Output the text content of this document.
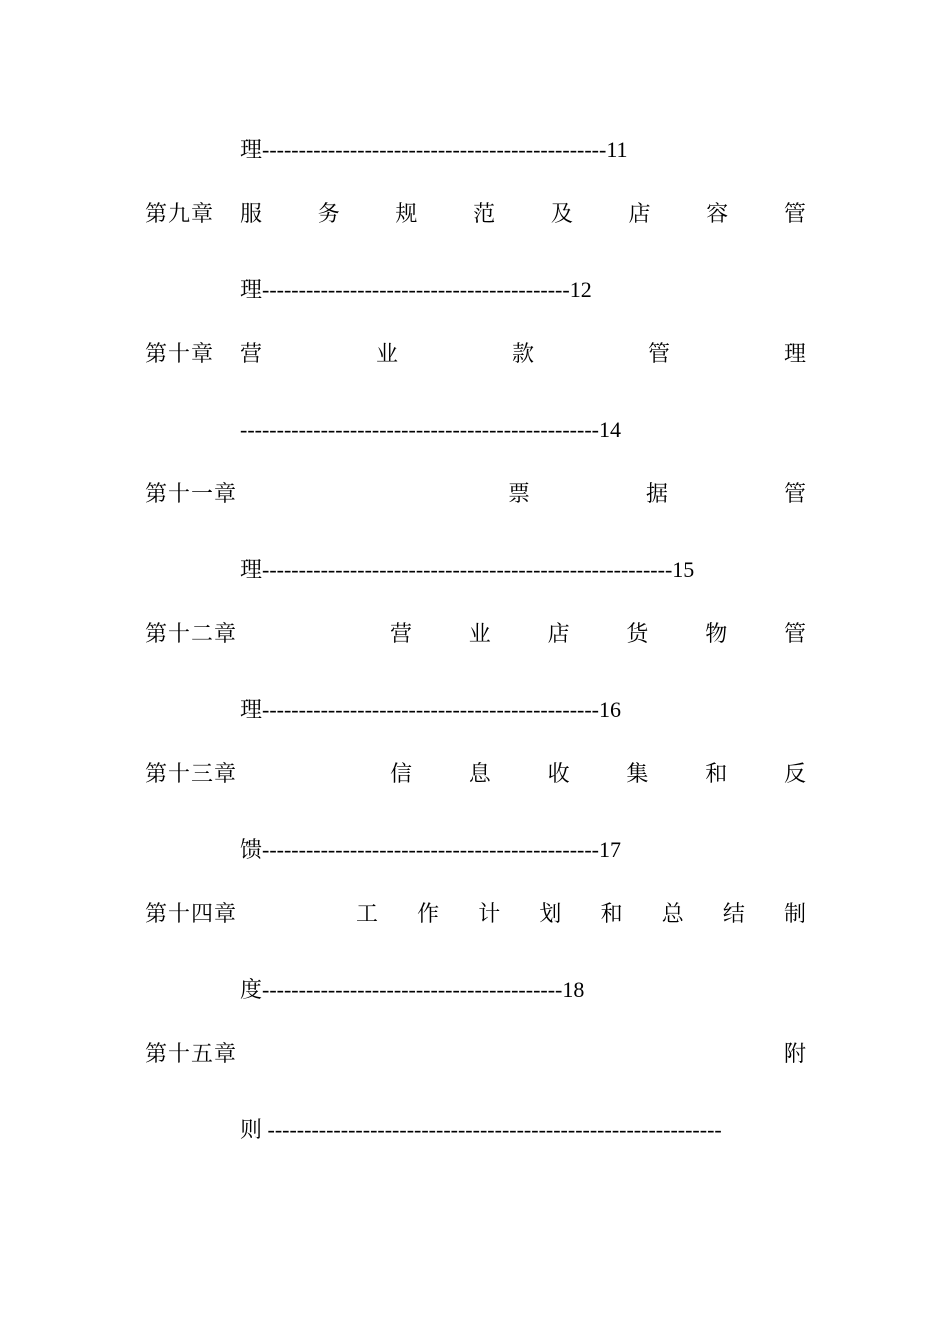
理-----------------------------------------------11
第九章	服	务	规	范	及	店	容	管
理------------------------------------------12
第十章	营	业	款	管	理
-------------------------------------------------14
第十一章	票	据	管
理--------------------------------------------------------15
第十二章	营	业	店	货	物	管
理----------------------------------------------16
第十三章	信	息	收	集	和	反
馈----------------------------------------------17
第十四章	工 作 计 划 和 总 结 制
度-----------------------------------------18
第十五章	附
则 --------------------------------------------------------------
